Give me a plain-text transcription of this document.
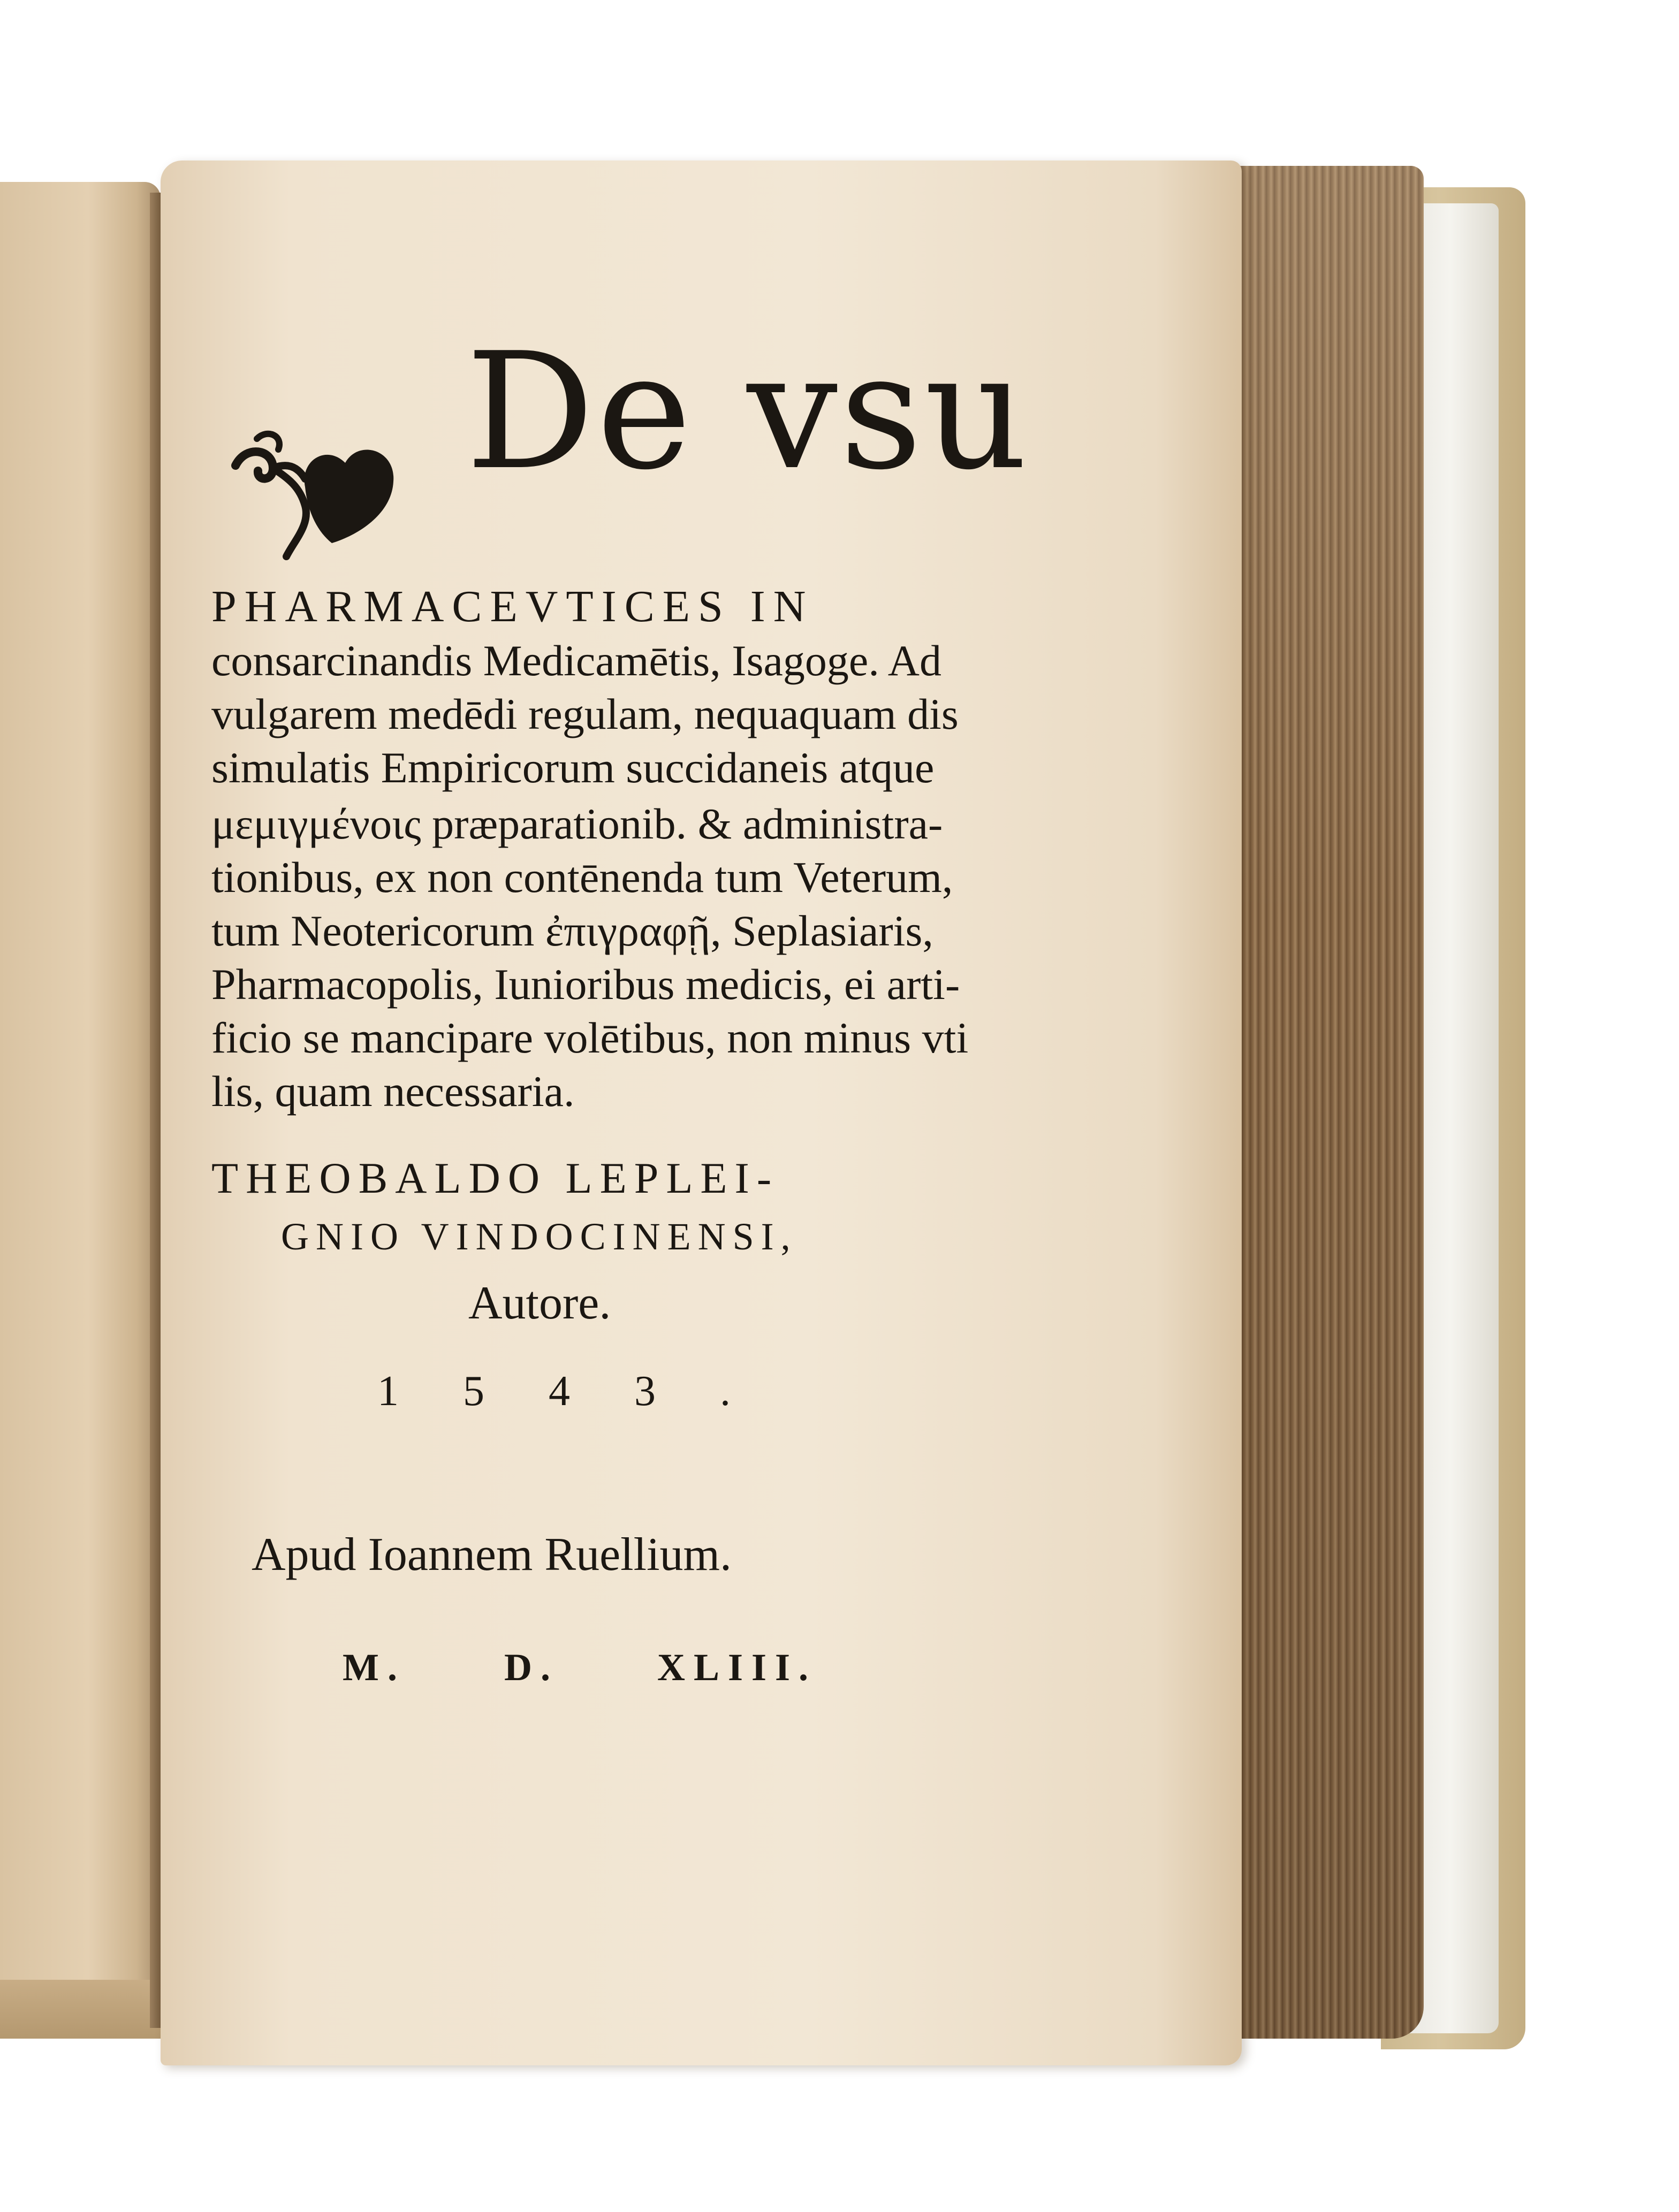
De vsu
PHARMACEVTICES IN
consarcinandis Medicamētis, Isagoge. Ad
vulgarem medēdi regulam, nequaquam dis
simulatis Empiricorum succidaneis atque
μεμιγμένοις præparationib. & administra-
tionibus, ex non contēnenda tum Veterum,
tum Neotericorum ἐπιγραφῇ, Seplasiaris,
Pharmacopolis, Iunioribus medicis, ei arti-
ficio se mancipare volētibus, non minus vti
lis, quam necessaria.
THEOBALDO LEPLEI-
GNIO VINDOCINENSI,
Autore.
1543.
Apud Ioannem Ruellium.
M.	D.	XLIII.
